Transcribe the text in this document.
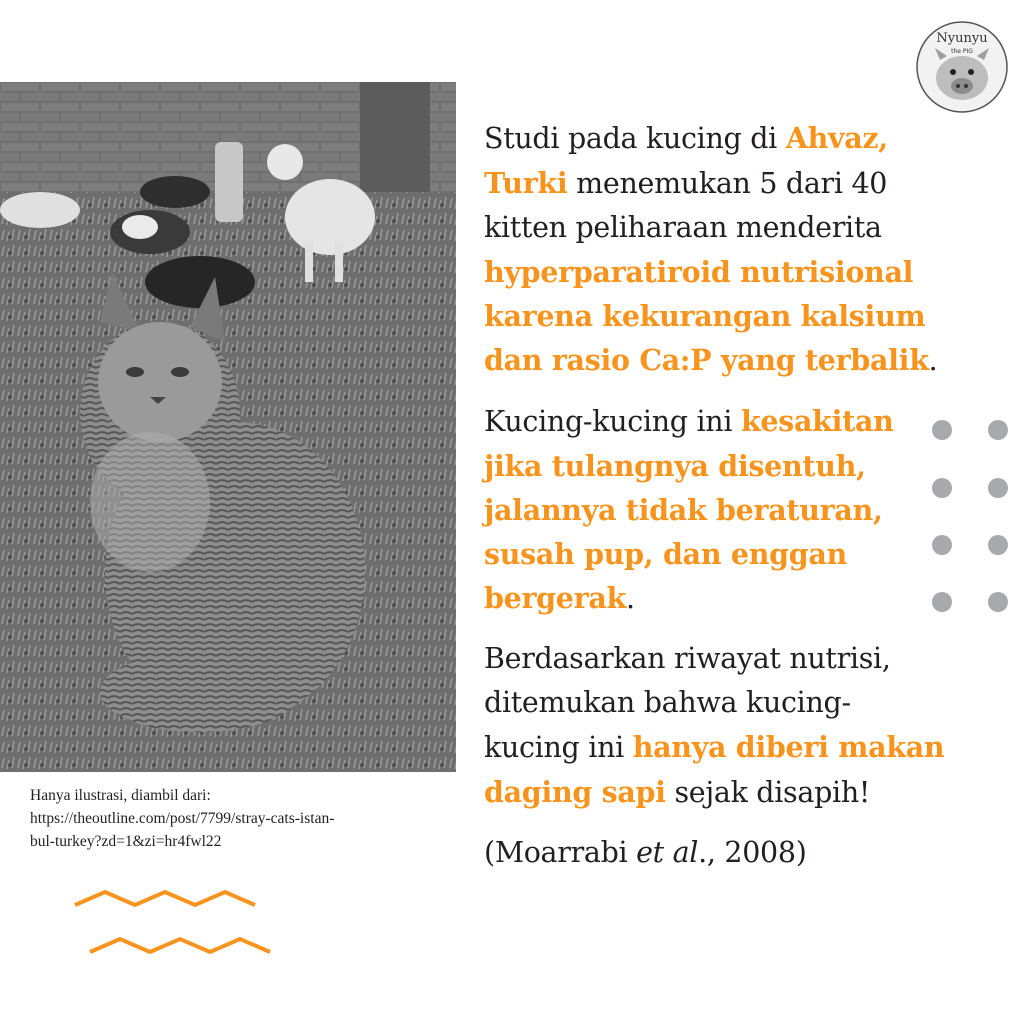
Nyunyu
the PIG
Hanya ilustrasi, diambil dari:
https://theoutline.com/post/7799/stray-cats-istan-
bul-turkey?zd=1&zi=hr4fwl22
Studi pada kucing di Ahvaz,
Turki menemukan 5 dari 40
kitten peliharaan menderita
hyperparatiroid nutrisional
karena kekurangan kalsium
dan rasio Ca:P yang terbalik.
Kucing-kucing ini kesakitan
jika tulangnya disentuh,
jalannya tidak beraturan,
susah pup, dan enggan
bergerak.
Berdasarkan riwayat nutrisi,
ditemukan bahwa kucing-
kucing ini hanya diberi makan
daging sapi sejak disapih!
(Moarrabi et al., 2008)
